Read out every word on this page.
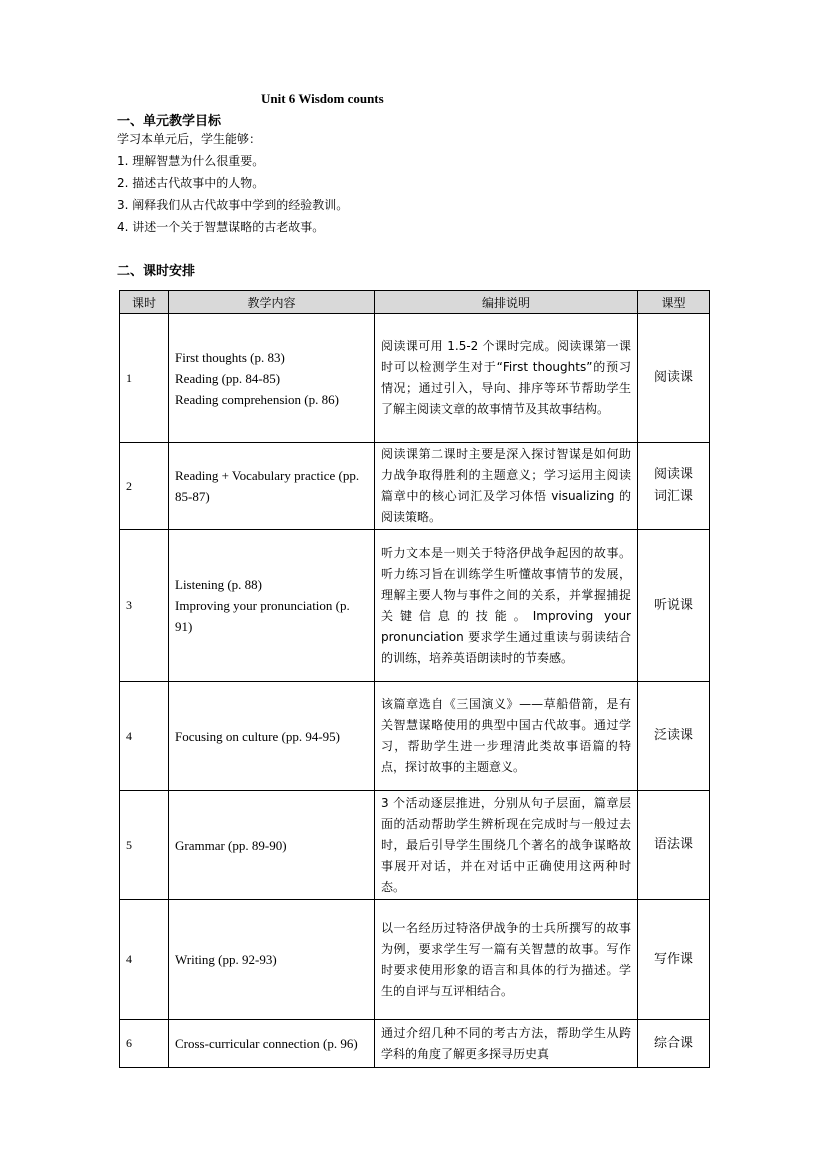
Unit 6 Wisdom counts
一、单元教学目标
学习本单元后，学生能够：
1. 理解智慧为什么很重要。
2. 描述古代故事中的人物。
3. 阐释我们从古代故事中学到的经验教训。
4. 讲述一个关于智慧谋略的古老故事。
二、课时安排
课时	教学内容	编排说明	课型
1	First thoughts (p. 83)
Reading (pp. 84-85)
Reading comprehension (p. 86)	阅读课可用 1.5-2 个课时完成。阅读课第一课时可以检测学生对于“First thoughts”的预习情况；通过引入，导向、排序等环节帮助学生了解主阅读文章的故事情节及其故事结构。	阅读课

2	Reading + Vocabulary practice (pp. 85-87)	阅读课第二课时主要是深入探讨智谋是如何助力战争取得胜利的主题意义；学习运用主阅读篇章中的核心词汇及学习体悟 visualizing 的阅读策略。	阅读课
词汇课

3	Listening (p. 88)
Improving your pronunciation (p. 91)	听力文本是一则关于特洛伊战争起因的故事。听力练习旨在训练学生听懂故事情节的发展，理解主要人物与事件之间的关系，并掌握捕捉关键信息的技能。Improving your pronunciation 要求学生通过重读与弱读结合的训练，培养英语朗读时的节奏感。	听说课

4	Focusing on culture (pp. 94-95)	该篇章选自《三国演义》——草船借箭，是有关智慧谋略使用的典型中国古代故事。通过学习，帮助学生进一步理清此类故事语篇的特点，探讨故事的主题意义。	泛读课

5	Grammar (pp. 89-90)	3 个活动逐层推进，分别从句子层面，篇章层面的活动帮助学生辨析现在完成时与一般过去时，最后引导学生围绕几个著名的战争谋略故事展开对话，并在对话中正确使用这两种时态。	语法课

4	Writing (pp. 92-93)	以一名经历过特洛伊战争的士兵所撰写的故事为例，要求学生写一篇有关智慧的故事。写作时要求使用形象的语言和具体的行为描述。学生的自评与互评相结合。	写作课

6	Cross-curricular connection (p. 96)	通过介绍几种不同的考古方法，帮助学生从跨学科的角度了解更多探寻历史真	综合课
